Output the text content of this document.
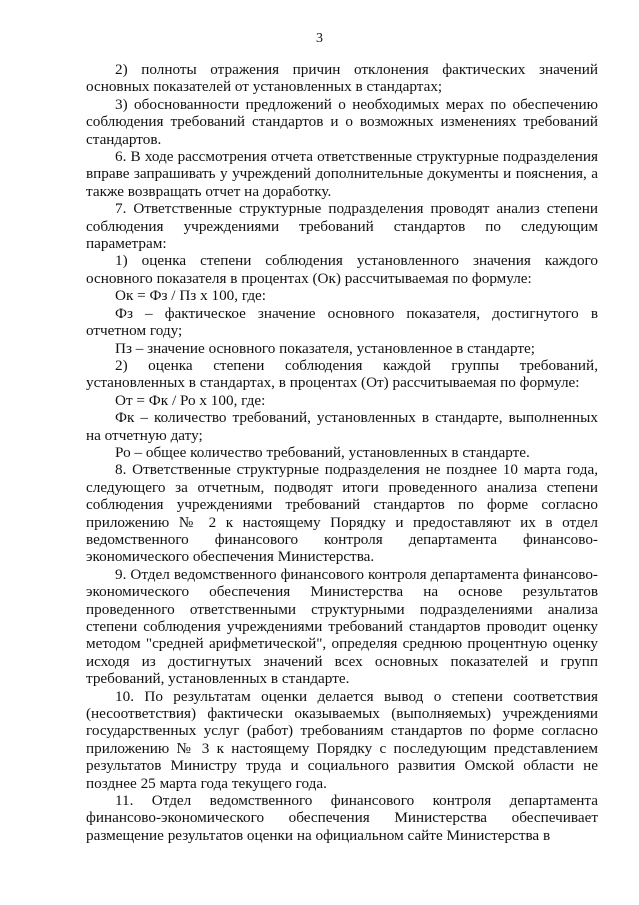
3

2) полноты отражения причин отклонения фактических значений основных показателей от установленных в стандартах;

3) обоснованности предложений о необходимых мерах по обеспечению соблюдения требований стандартов и о возможных изменениях требований стандартов.

6. В ходе рассмотрения отчета ответственные структурные подразделения вправе запрашивать у учреждений дополнительные документы и пояснения, а также возвращать отчет на доработку.

7. Ответственные структурные подразделения проводят анализ степени соблюдения учреждениями требований стандартов по следующим параметрам:

1) оценка степени соблюдения установленного значения каждого основного показателя в процентах (Ок) рассчитываемая по формуле:

Ок = Фз / Пз х 100, где:

Фз – фактическое значение основного показателя, достигнутого в отчетном году;

Пз – значение основного показателя, установленное в стандарте;

2) оценка степени соблюдения каждой группы требований, установленных в стандартах, в процентах (От) рассчитываемая по формуле:

От = Фк / Ро х 100, где:

Фк – количество требований, установленных в стандарте, выполненных на отчетную дату;

Ро – общее количество требований, установленных в стандарте.

8. Ответственные структурные подразделения не позднее 10 марта года, следующего за отчетным, подводят итоги проведенного анализа степени соблюдения учреждениями требований стандартов по форме согласно приложению № 2 к настоящему Порядку и предоставляют их в отдел ведомственного финансового контроля департамента финансово-экономического обеспечения Министерства.

9. Отдел ведомственного финансового контроля департамента финансово-экономического обеспечения Министерства на основе результатов проведенного ответственными структурными подразделениями анализа степени соблюдения учреждениями требований стандартов проводит оценку методом "средней арифметической", определяя среднюю процентную оценку исходя из достигнутых значений всех основных показателей и групп требований, установленных в стандарте.

10. По результатам оценки делается вывод о степени соответствия (несоответствия) фактически оказываемых (выполняемых) учреждениями государственных услуг (работ) требованиям стандартов по форме согласно приложению № 3 к настоящему Порядку с последующим представлением результатов Министру труда и социального развития Омской области не позднее 25 марта года текущего года.

11. Отдел ведомственного финансового контроля департамента финансово-экономического обеспечения Министерства обеспечивает размещение результатов оценки на официальном сайте Министерства в
